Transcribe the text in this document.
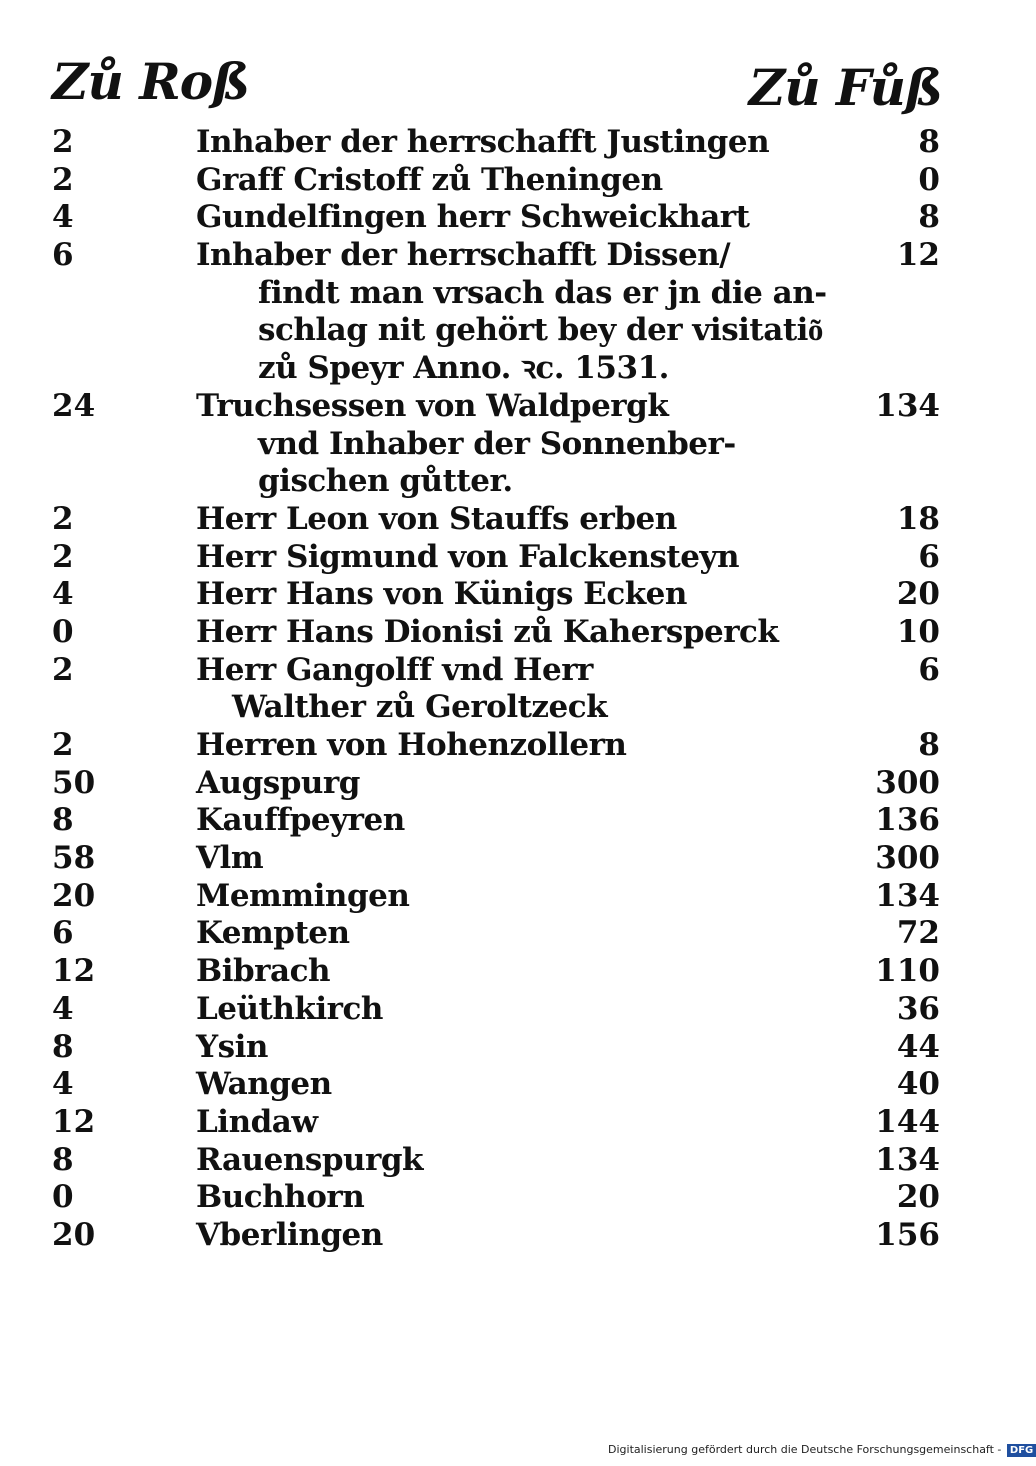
Zů Roß	Zů Fůß
2	Inhaber der herrschafft Justingen	8
2	Graff Cristoff zů Theningen	0
4	Gundelfingen herr Schweickhart	8
6	Inhaber der herrschafft Dissen/	12
findt man vrsach das er jn die an-
schlag nit gehört bey der visitatio͂
zů Speyr Anno. ꝛc. 1531.
24	Truchsessen von Waldpergk	134
vnd Inhaber der Sonnenber-
gischen gůtter.
2	Herr Leon von Stauffs erben	18
2	Herr Sigmund von Falckensteyn	6
4	Herr Hans von Künigs Ecken	20
0	Herr Hans Dionisi zů Kahersperck	10
2	Herr Gangolff vnd Herr	6
Walther zů Geroltzeck
2	Herren von Hohenzollern	8
50	Augspurg	300
8	Kauffpeyren	136
58	Vlm	300
20	Memmingen	134
6	Kempten	72
12	Bibrach	110
4	Leüthkirch	36
8	Ysin	44
4	Wangen	40
12	Lindaw	144
8	Rauenspurgk	134
0	Buchhorn	20
20	Vberlingen	156
Digitalisierung gefördert durch die Deutsche Forschungsgemeinschaft - DFG
